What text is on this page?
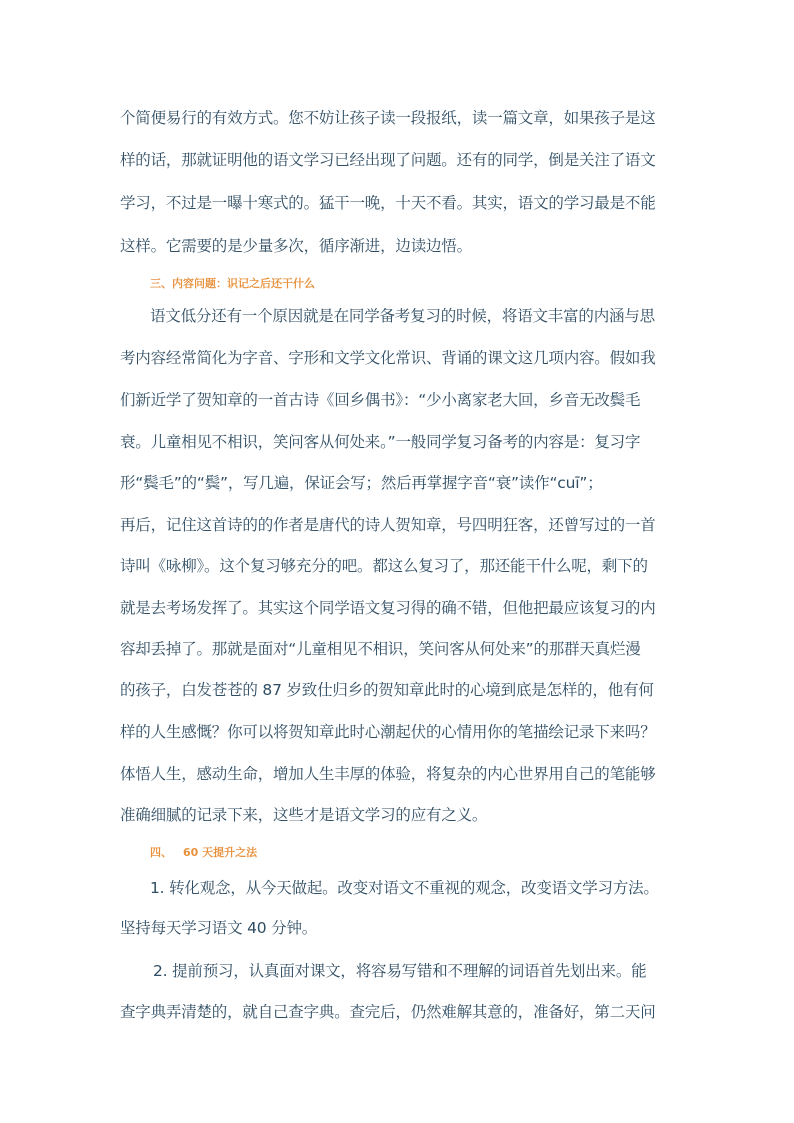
个简便易行的有效方式。您不妨让孩子读一段报纸，读一篇文章，如果孩子是这
样的话，那就证明他的语文学习已经出现了问题。还有的同学，倒是关注了语文
学习，不过是一曝十寒式的。猛干一晚，十天不看。其实，语文的学习最是不能
这样。它需要的是少量多次，循序渐进，边读边悟。
三、内容问题：识记之后还干什么
语文低分还有一个原因就是在同学备考复习的时候，将语文丰富的内涵与思
考内容经常简化为字音、字形和文学文化常识、背诵的课文这几项内容。假如我
们新近学了贺知章的一首古诗《回乡偶书》：“少小离家老大回，乡音无改鬓毛
衰。儿童相见不相识，笑问客从何处来。”一般同学复习备考的内容是：复习字
形“鬓毛”的“鬓”，写几遍，保证会写；然后再掌握字音“衰”读作“cuī”；
再后，记住这首诗的的作者是唐代的诗人贺知章，号四明狂客，还曾写过的一首
诗叫《咏柳》。这个复习够充分的吧。都这么复习了，那还能干什么呢，剩下的
就是去考场发挥了。其实这个同学语文复习得的确不错，但他把最应该复习的内
容却丢掉了。那就是面对“儿童相见不相识，笑问客从何处来”的那群天真烂漫
的孩子，白发苍苍的 87 岁致仕归乡的贺知章此时的心境到底是怎样的，他有何
样的人生感慨？你可以将贺知章此时心潮起伏的心情用你的笔描绘记录下来吗？
体悟人生，感动生命，增加人生丰厚的体验，将复杂的内心世界用自己的笔能够
准确细腻的记录下来，这些才是语文学习的应有之义。
四、 60 天提升之法
1. 转化观念，从今天做起。改变对语文不重视的观念，改变语文学习方法。
坚持每天学习语文 40 分钟。
2. 提前预习，认真面对课文，将容易写错和不理解的词语首先划出来。能
查字典弄清楚的，就自己查字典。查完后，仍然难解其意的，准备好，第二天问
